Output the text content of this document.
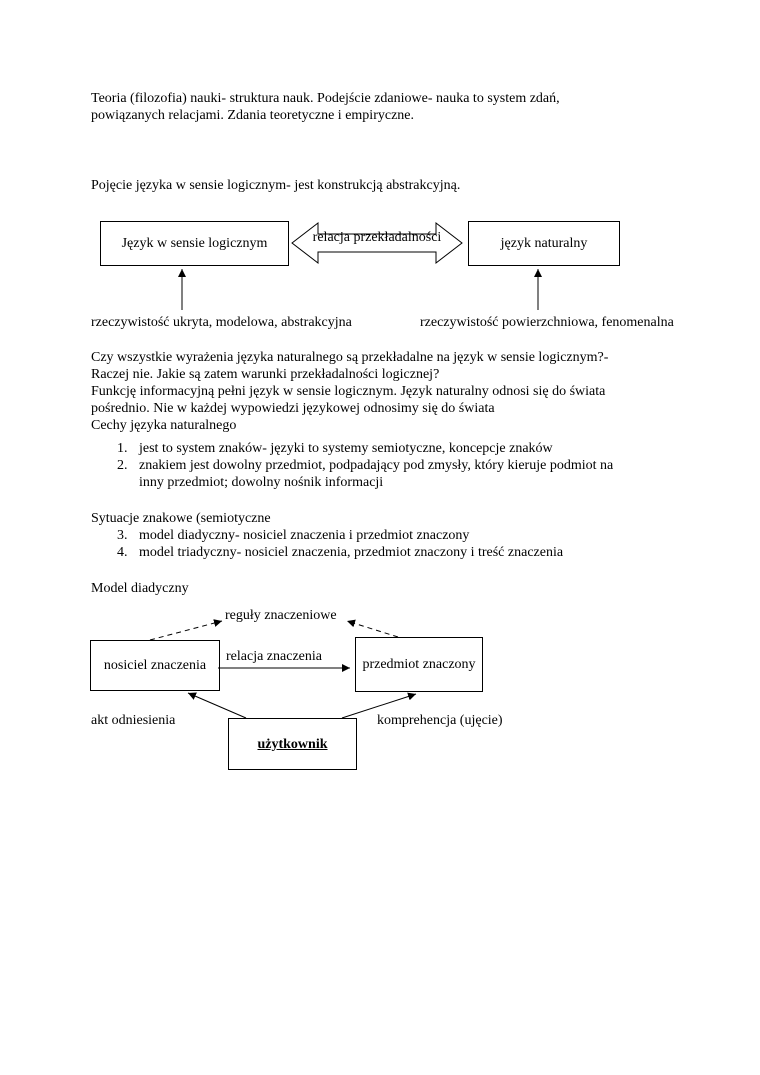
Teoria (filozofia) nauki- struktura nauk. Podejście zdaniowe- nauka to system zdań,
powiązanych relacjami. Zdania teoretyczne i empiryczne.
Pojęcie języka w sensie logicznym- jest konstrukcją abstrakcyjną.
Język w sensie logicznym	relacja przekładalności	język naturalny
rzeczywistość ukryta, modelowa, abstrakcyjna	rzeczywistość powierzchniowa, fenomenalna
Czy wszystkie wyrażenia języka naturalnego są przekładalne na język w sensie logicznym?-
Raczej nie. Jakie są zatem warunki przekładalności logicznej?
Funkcję informacyjną pełni język w sensie logicznym. Język naturalny odnosi się do świata
pośrednio. Nie w każdej wypowiedzi językowej odnosimy się do świata
Cechy języka naturalnego
1. jest to system znaków- języki to systemy semiotyczne, koncepcje znaków
2. znakiem jest dowolny przedmiot, podpadający pod zmysły, który kieruje podmiot na
inny przedmiot; dowolny nośnik informacji
Sytuacje znakowe (semiotyczne
3. model diadyczny- nosiciel znaczenia i przedmiot znaczony
4. model triadyczny- nosiciel znaczenia, przedmiot znaczony i treść znaczenia
Model diadyczny
reguły znaczeniowe
nosiciel znaczenia
relacja znaczenia
przedmiot znaczony
akt odniesienia	komprehencja (ujęcie)
użytkownik
